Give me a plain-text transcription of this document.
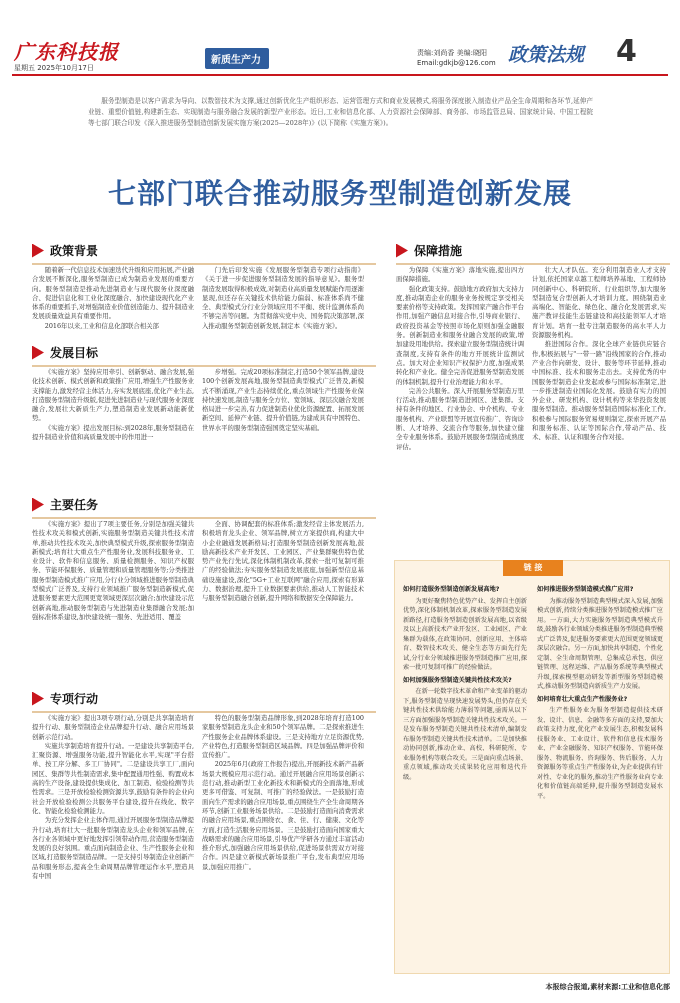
广东科技报
星期五 2025年10月17日
新质生产力
责编:刘尚香 美编:晓阳
Email:gdkjb@126.com 政策法规 4

服务型制造是以客户需求为导向、以数智技术为支撑,通过创新优化生产组织形态、运营管理方式和商业发展模式,将服务深度嵌入制造业产品全生命周期和各环节,延伸产业链、重塑价值链,构建新生态、实现制造与服务融合发展的新型产业形态。近日,工业和信息化部、人力资源社会保障部、商务部、市场监管总局、国家统计局、中国工程院等七部门联合印发《深入推进服务型制造创新发展实施方案(2025—2028年)》(以下简称《实施方案》)。

七部门联合推动服务型制造创新发展
政策背景

随着新一代信息技术加速迭代升级和应用拓展,产业融合发展不断深化,服务型制造已成为制造业发展的重要方向。服务型制造是推动先进制造业与现代服务业深度融合、促进信息化和工业化深度融合、加快建设现代化产业体系的重要抓手,对增强制造业价值创造能力、提升制造业发展质量效益具有重要作用。

2016年以来,工业和信息化部联合相关部

门先后印发实施《发展服务型制造专项行动指南》《关于进一步促进服务型制造发展的指导意见》。服务型制造发展取得积极成效,对制造业高质量发展赋能作用逐渐显现,但还存在关键技术供给能力偏弱、标准体系尚不健全、典型模式分行业分领域应用不平衡、统计监测体系尚不够完善等问题。为贯彻落实党中央、国务院决策部署,深入推动服务型制造创新发展,制定本《实施方案》。

发展目标

《实施方案》坚持应用牵引、创新驱动、融合发展,强化技术创新、模式创新和政策推广应用,增强生产性服务业支撑能力,激发经营主体活力,夯实发展底座,优化产业生态,打造服务型制造升级版,促进先进制造业与现代服务业深度融合,发展壮大新质生产力,塑造制造业发展新动能新优势。

《实施方案》提出发展目标:到2028年,服务型制造在提升制造业价值和高质量发展中的作用进一

步增强。完成20项标准制定,打造50个领军品牌,建设100个创新发展高地,服务型制造典型模式广泛普及,新模式不断涌现,产业生态持续优化,重点领域生产性服务业保持快速发展,制造与服务全方位、宽领域、深层次融合发展格局进一步完善,有力促进制造业优化资源配置、拓展发展新空间、延伸产业链、提升价值链,为建成具有中国特色、世界水平的服务型制造强国奠定坚实基础。

主要任务

《实施方案》提出了7项主要任务,分别是加强关键共性技术攻关和模式创新,实施服务型制造关键共性技术清单,推动共性技术攻关,加快典型模式升级,探索服务型制造新模式;培育壮大重点生产性服务业,发展科技服务业、工业设计、软件和信息服务、质量检测服务、知识产权服务、节能环保服务、质量管理和质量管理服务等;分类推进服务型制造模式推广应用,分行业分领域推进服务型制造典型模式广泛普及,支持行业领域推广服务型制造新模式,促进服务要素更大范围更宽领域更深层次融合;加快建设示范创新高地,推动服务型制造与先进制造业集群融合发展;加强标准体系建设,加快建设统一服务、先进适用、覆盖

全面、协调配套的标准体系;激发经营主体发展活力,积极培育龙头企业、领军品牌,树立方案提供商,构建大中小企业融通发展新格局;打造服务型制造创新发展高地,鼓励高新技术产业开发区、工业园区、产业集群聚焦特色优势产业先行先试,深化体制机制改革,探索一批可复制可推广的经验做法;夯实服务型制造发展底座,加强新型信息基础设施建设,深化"5G+工业互联网"融合应用,探索有形算力、数据治理,提升工业数据要素供给,推动人工智能技术与服务型制造融合创新,提升网络和数据安全保障能力。

专项行动

《实施方案》提出3项专项行动,分别是共享制造培育提升行动、服务型制造企业品牌提升行动、融合应用场景创新示范行动。

实施共享制造培育提升行动。一是建设共享制造平台,汇聚资源、增强服务功能,提升智能化水平,实现"平台搭单、按工序分解、多工厂协同"。二是建设共享工厂,面向园区、集群等共性制造需求,集中配置通用性强、购置成本高的生产设备,建设提供集成化、加工制造、检验检测等共性需求。三是开放检验检测资源共享,鼓励有条件的企业向社会开放检验检测公共服务平台建设,提升在线化、数字化、智能化检验检测能力。

为充分发挥企业主体作用,通过开展服务型制造品牌提升行动,培育壮大一批服务型制造龙头企业和领军品牌,在各行业各领域中更好地发挥引领带动作用,营造服务型制造发展的良好氛围。重点面向制造企业、生产性服务企业和区域,打造服务型制造品牌。一是支持引导制造企业创新产品和服务形态,提高全生命周期品牌管理运作水平,塑造具有中国

特色的服务型制造品牌形象,到2028年培育打造100家服务型制造龙头企业和50个领军品牌。二是探索推进生产性服务企业品牌体系建设。三是支持地方立足资源优势,产业特色,打造服务型制造区域品牌。四是加强品牌评价和宣传推广。

2025年6月(政府工作报告)提出,开展新技术新产品新场景大规模应用示范行动。通过开展融合应用场景创新示范行动,推动新型工业化新技术和新模式的全面落地,形成更多可借鉴、可复制、可推广的经验做法。一是鼓励打造面向生产需求的融合应用场景,重点围绕生产全生命周期各环节,创新工业服务场景供给。二是鼓励打造面向消费需求的融合应用场景,重点围绕衣、食、住、行、健康、文化等方面,打造生活服务应用场景。三是鼓励打造面向国家重大战略需求的融合应用场景,引导优产学研各方通过丰富活动推介形式,加强融合应用场景供给,促进场景供需双方对接合作。四是建立新模式新场景推广平台,发布典型应用场景,加强应用推广。

保障措施

为保障《实施方案》落地实施,提出四方面保障措施。

强化政策支持。鼓励地方政府加大支持力度,推动制造企业的服务业务按规定享受相关要素价格等支持政策。发挥国家产融合作平台作用,加强产融信息对接合作,引导商业银行、政府投资基金等按照市场化原则加强金融服务。创新制造业和服务业融合发展的政策,增加建设用地供给。探索建立服务型制造统计调查制度,支持有条件的地方开展统计监测试点。加大对企业知识产权保护力度,加强成果转化和产业化。健全完善促进服务型制造发展的体制机制,提升行业治理能力和水平。

完善公共服务。深入开展服务型制造万里行活动,推动服务型制造进园区、进集群。支持有条件的地区、行业协会、中介机构、专业服务机构、产业联盟等开展宣传推广、咨询诊断、人才培养、交流合作等服务,加快建立健全专业服务体系。鼓励开展服务型制造成熟度评估。

壮大人才队伍。充分利用制造业人才支持计划,依托国家卓越工程师培养基地、工程师协同创新中心、科研院所、行业组织等,加大服务型制造复合型创新人才培训力度。围绕制造业高端化、智能化、绿色化、融合化发展需求,实施产教评技能生态链建设和高技能领军人才培育计划。培育一批专注制造服务的高水平人力资源服务机构。

推进国际合作。深化全球产业链供应链合作,积极拓展与"一带一路"沿线国家的合作,推动产业合作向研发、设计、服务等环节延伸,推动中国标准、技术和服务走出去。支持优秀的中国服务型制造企业发起或参与国际标准制定,进一步推进制造业国际化发展。鼓励有实力的国外企业、研发机构、设计机构等来华投资发展服务型制造。推动服务型制造国际标准化工作,积极参与国际服务贸易规则制定,探索开展产品和服务标准、认证等国际合作,带动产品、技术、标准、认证和服务合作对接。

链 接
如何打造服务型制造创新发展高地?

为更好聚焦特色优势产业、发挥自主创新优势,深化体制机制改革,探索服务型制造发展新路径,打造服务型制造创新发展高地,以省级及以上高新技术产业开发区、工业园区、产业集群为载体,在政策协同、创新应用、主体培育、数智技术攻关、健全生态等方面先行先试,分行业分领域推进服务型制造推广应用,探索一批可复制可推广的经验做法。

如何加强服务型制造关键共性技术攻关?

在新一轮数字技术革命和产业变革的驱动下,服务型制造呈现快速发展势头,但仍存在关键共性技术供给能力薄弱等问题,亟需从以下三方面加强服务型制造关键共性技术攻关。一是发布服务型制造关键共性技术清单,编制发布服务型制造关键共性技术清单。二是加快推动协同创新,推动企业、高校、科研院所、专业服务机构等联合攻关。三是面向重点场景、重点领域,推动攻关成果转化应用和迭代升级。

如何推进服务型制造模式推广应用?

为推动服务型制造典型模式深入发展,加强模式创新,持续分类推进服务型制造模式推广应用。一方面,大力实施服务型制造典型模式升级,鼓励各行业领域分类推进服务型制造典型模式广泛普及,促进服务要素更大范围更宽领域更深层次融合。另一方面,加快共享制造、个性化定制、全生命周期管理、总集成总承包、供应链管理、远程运维、产品服务系统等典型模式升级,探索模型驱动研发等新型服务型制造模式,推动服务型制造向新质生产力发展。

如何培育壮大重点生产性服务业?

生产性服务业为服务型制造提供技术研发、设计、信息、金融等多方面的支持,要加大政策支持力度,优化产业发展生态,积极发展科技服务业、工业设计、软件和信息技术服务业、产业金融服务、知识产权服务、节能环保服务、物流服务、咨询服务、售后服务、人力资源服务等重点生产性服务业,为企业提供有针对性、专业化的服务,推动生产性服务业向专业化和价值链高端延伸,提升服务型制造发展水平。

本报综合报道,素材来源:工业和信息化部
